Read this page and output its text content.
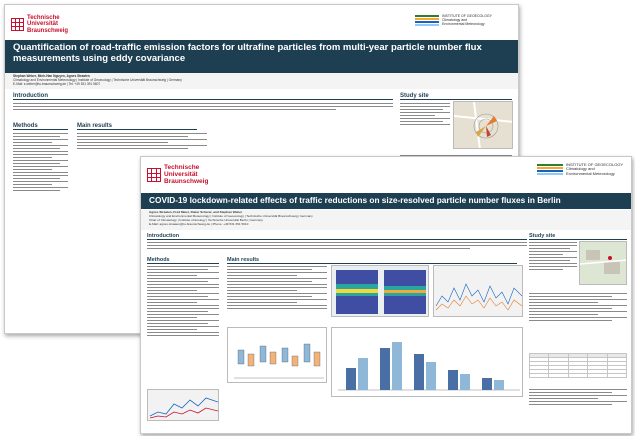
Technische
Universität
Braunschweig
INSTITUTE OF GEOECOLOGY
Climatology and
Environmental Meteorology
Quantification of road-traffic emission factors for ultrafine particles from multi-year particle number flux measurements using eddy covariance
Stephan Weber, Minh-Han Nguyen, Agnes Straaten
Climatology and Environmental Meteorology | Institute of Geoecology | Technische Universität Braunschweig | Germany
E-Mail: s.weber@tu-braunschweig.de | Tel: +49 531 391 5607
Introduction	Study site
Methods	Main results
Technische
Universität
Braunschweig
INSTITUTE OF GEOECOLOGY
Climatology and
Environmental Meteorology
COVID-19 lockdown-related effects of traffic reductions on size-resolved particle number fluxes in Berlin
Agnes Straaten, Fred Meier, Dieter Scherer, and Stephan Weber
Climatology and Environmental Meteorology | Institute of Geoecology | Technische Universität Braunschweig | Germany
Chair of Climatology | Institute of Ecology | Technische Universität Berlin | Germany
E-Mail: agnes.straaten@tu-braunschweig.de | Phone: +49 531 391 5610
Introduction
Methods	Main results
Study site
